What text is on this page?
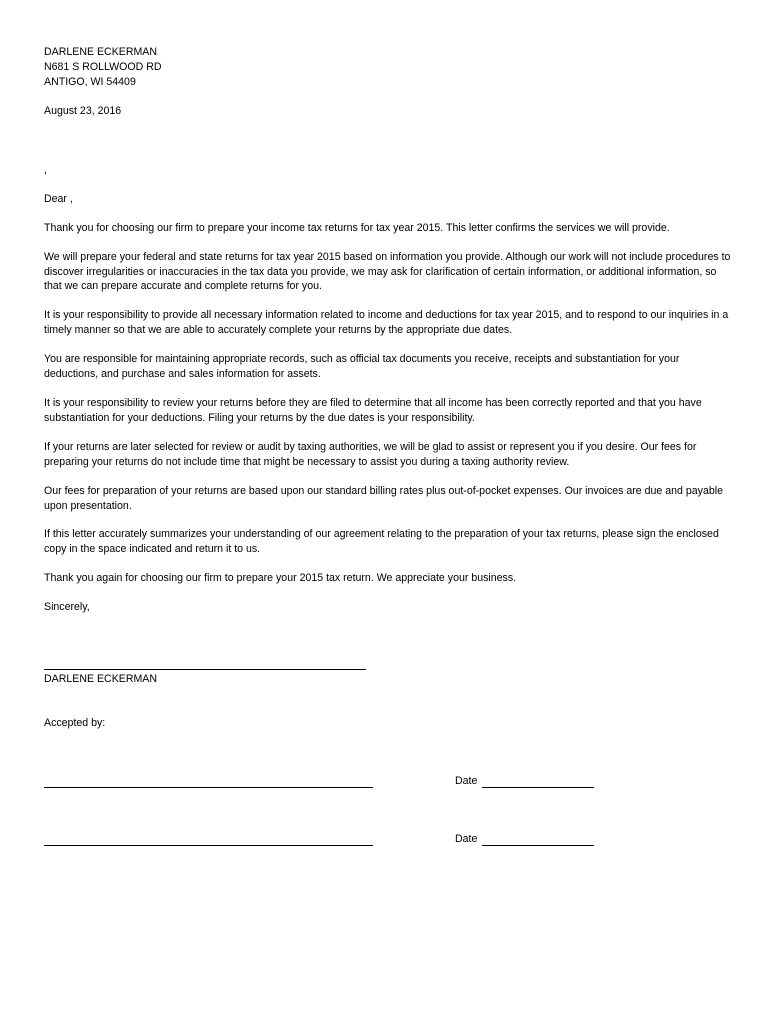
DARLENE ECKERMAN
N681 S ROLLWOOD RD
ANTIGO, WI 54409
August 23, 2016
,
Dear ,
Thank you for choosing our firm to prepare your income tax returns for tax year 2015. This letter confirms the services we will provide.
We will prepare your federal and state returns for tax year 2015 based on information you provide. Although our work will not include procedures to discover irregularities or inaccuracies in the tax data you provide, we may ask for clarification of certain information, or additional information, so that we can prepare accurate and complete returns for you.
It is your responsibility to provide all necessary information related to income and deductions for tax year 2015, and to respond to our inquiries in a timely manner so that we are able to accurately complete your returns by the appropriate due dates.
You are responsible for maintaining appropriate records, such as official tax documents you receive, receipts and substantiation for your deductions, and purchase and sales information for assets.
It is your responsibility to review your returns before they are filed to determine that all income has been correctly reported and that you have substantiation for your deductions. Filing your returns by the due dates is your responsibility.
If your returns are later selected for review or audit by taxing authorities, we will be glad to assist or represent you if you desire. Our fees for preparing your returns do not include time that might be necessary to assist you during a taxing authority review.
Our fees for preparation of your returns are based upon our standard billing rates plus out-of-pocket expenses. Our invoices are due and payable upon presentation.
If this letter accurately summarizes your understanding of our agreement relating to the preparation of your tax returns, please sign the enclosed copy in the space indicated and return it to us.
Thank you again for choosing our firm to prepare your 2015 tax return. We appreciate your business.
Sincerely,
DARLENE ECKERMAN
Accepted by:
Date
Date
